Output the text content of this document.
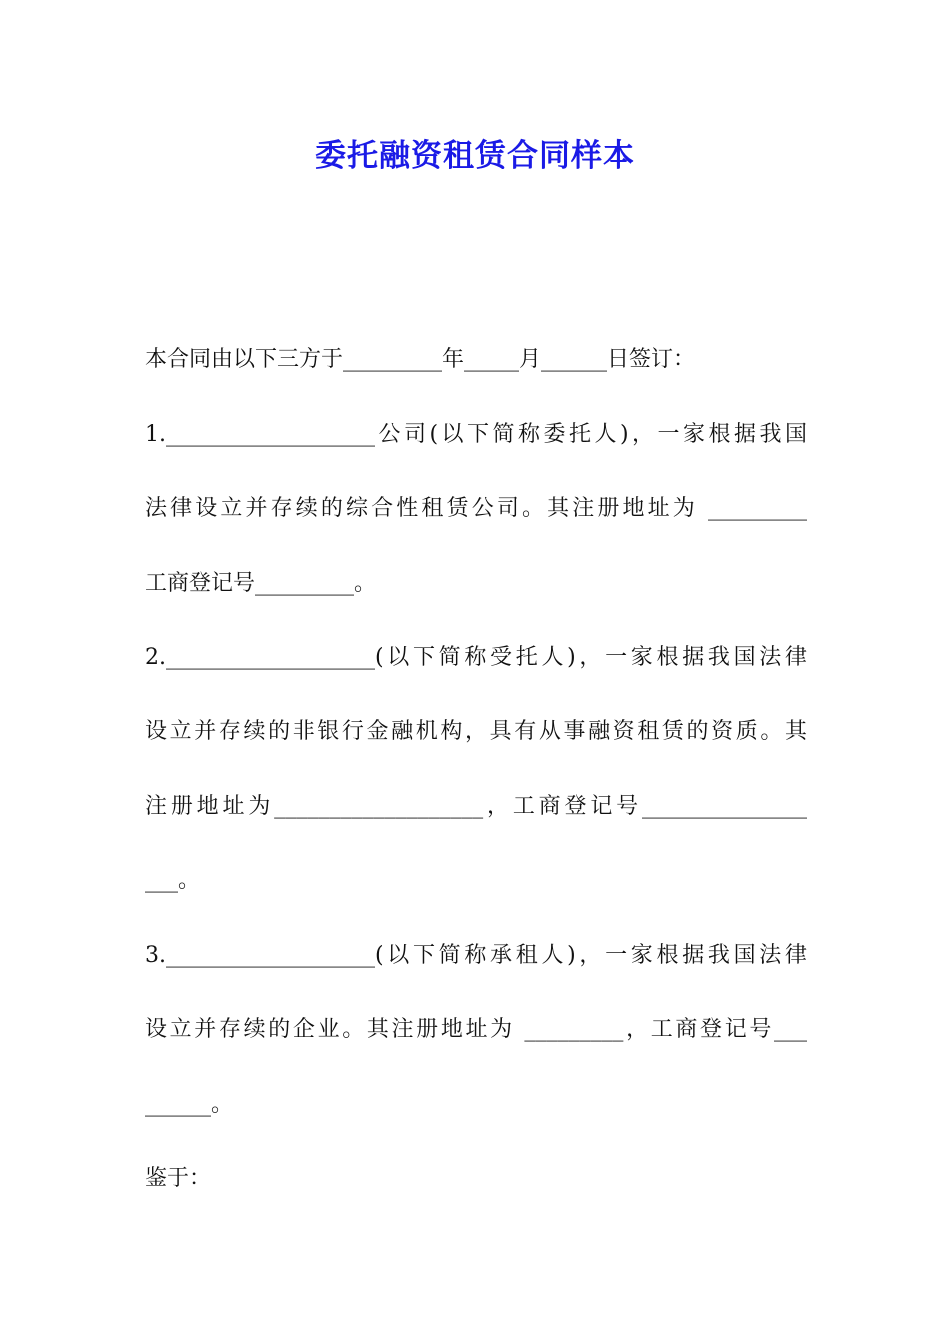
委托融资租赁合同样本

本合同由以下三方于_________年_____月______日签订：

1.___________________公司(以下简称委托人)，一家根据我国

法律设立并存续的综合性租赁公司。其注册地址为 _________

工商登记号_________。

2.___________________(以下简称受托人)，一家根据我国法律

设立并存续的非银行金融机构，具有从事融资租赁的资质。其

注册地址为___________________，工商登记号_______________

___。

3.___________________(以下简称承租人)，一家根据我国法律

设立并存续的企业。其注册地址为 _________，工商登记号___

______。

鉴于：
